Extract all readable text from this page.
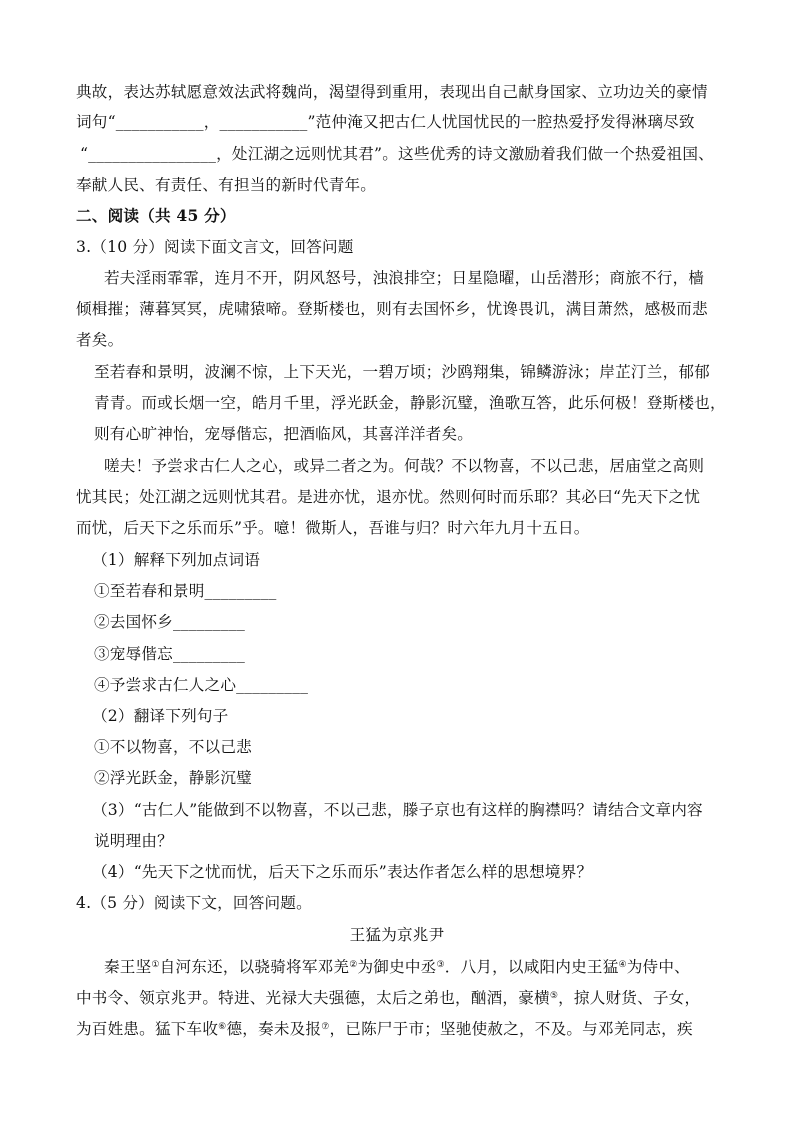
典故，表达苏轼愿意效法武将魏尚，渴望得到重用，表现出自己献身国家、立功边关的豪情
词句“___________，___________”范仲淹又把古仁人忧国忧民的一腔热爱抒发得淋璃尽致
“________________，处江湖之远则忧其君”。这些优秀的诗文激励着我们做一个热爱祖国、
奉献人民、有责任、有担当的新时代青年。
二、阅读（共 45 分）
3.（10 分）阅读下面文言文，回答问题
若夫淫雨霏霏，连月不开，阴风怒号，浊浪排空；日星隐曜，山岳潜形；商旅不行，樯
倾楫摧；薄暮冥冥，虎啸猿啼。登斯楼也，则有去国怀乡，忧谗畏讥，满目萧然，感极而悲
者矣。
至若春和景明，波澜不惊，上下天光，一碧万顷；沙鸥翔集，锦鳞游泳；岸芷汀兰，郁郁
青青。而或长烟一空，皓月千里，浮光跃金，静影沉璧，渔歌互答，此乐何极！登斯楼也，
则有心旷神怡，宠辱偕忘，把酒临风，其喜洋洋者矣。
嗟夫！予尝求古仁人之心，或异二者之为。何哉？不以物喜，不以己悲，居庙堂之高则
忧其民；处江湖之远则忧其君。是进亦忧，退亦忧。然则何时而乐耶？其必曰“先天下之忧
而忧，后天下之乐而乐”乎。噫！微斯人，吾谁与归？时六年九月十五日。
（1）解释下列加点词语
①至若春和景明_________
②去国怀乡_________
③宠辱偕忘_________
④予尝求古仁人之心_________
（2）翻译下列句子
①不以物喜，不以己悲
②浮光跃金，静影沉璧
（3）“古仁人”能做到不以物喜，不以己悲，滕子京也有这样的胸襟吗？请结合文章内容
说明理由？
（4）“先天下之忧而忧，后天下之乐而乐”表达作者怎么样的思想境界？
4.（5 分）阅读下文，回答问题。
王猛为京兆尹
秦王坚①自河东还，以骁骑将军邓羌②为御史中丞③．八月，以咸阳内史王猛④为侍中、
中书令、领京兆尹。特进、光禄大夫强德，太后之弟也，酗酒，豪横⑤，掠人财货、子女，
为百姓患。猛下车收⑥德，奏未及报⑦，已陈尸于市；坚驰使赦之，不及。与邓羌同志，疾
